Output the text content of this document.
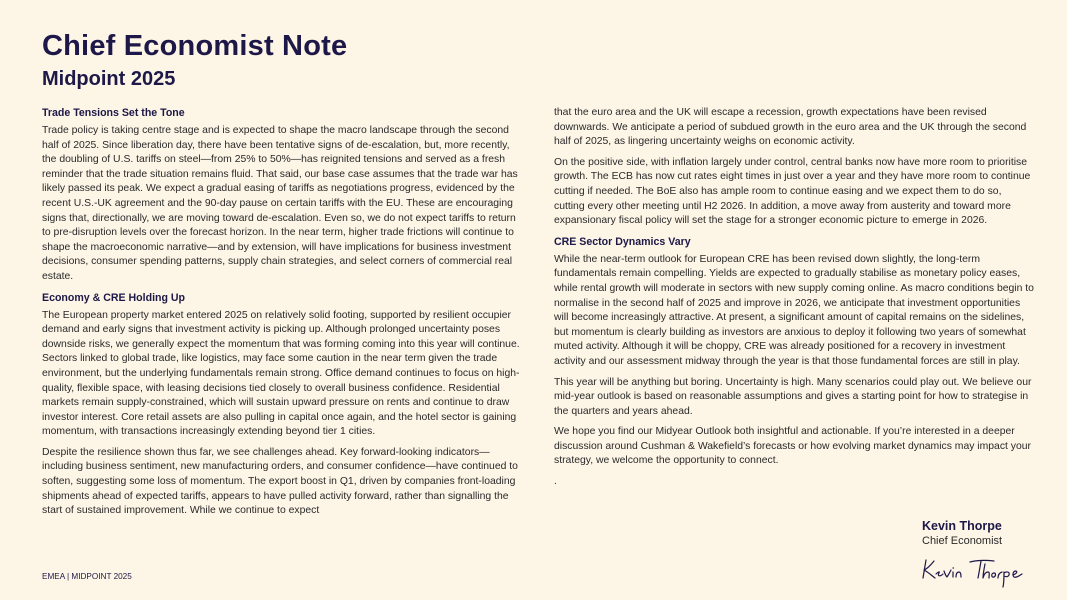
Chief Economist Note
Midpoint 2025
Trade Tensions Set the Tone

Trade policy is taking centre stage and is expected to shape the macro landscape through the second half of 2025. Since liberation day, there have been tentative signs of de-escalation, but, more recently, the doubling of U.S. tariffs on steel—from 25% to 50%—has reignited tensions and served as a fresh reminder that the trade situation remains fluid. That said, our base case assumes that the trade war has likely passed its peak. We expect a gradual easing of tariffs as negotiations progress, evidenced by the recent U.S.-UK agreement and the 90-day pause on certain tariffs with the EU. These are encouraging signs that, directionally, we are moving toward de-escalation. Even so, we do not expect tariffs to return to pre-disruption levels over the forecast horizon. In the near term, higher trade frictions will continue to shape the macroeconomic narrative—and by extension, will have implications for business investment decisions, consumer spending patterns, supply chain strategies, and select corners of commercial real estate.

Economy & CRE Holding Up

The European property market entered 2025 on relatively solid footing, supported by resilient occupier demand and early signs that investment activity is picking up. Although prolonged uncertainty poses downside risks, we generally expect the momentum that was forming coming into this year will continue. Sectors linked to global trade, like logistics, may face some caution in the near term given the trade environment, but the underlying fundamentals remain strong. Office demand continues to focus on high-quality, flexible space, with leasing decisions tied closely to overall business confidence. Residential markets remain supply-constrained, which will sustain upward pressure on rents and continue to draw investor interest. Core retail assets are also pulling in capital once again, and the hotel sector is gaining momentum, with transactions increasingly extending beyond tier 1 cities.

Despite the resilience shown thus far, we see challenges ahead. Key forward-looking indicators—including business sentiment, new manufacturing orders, and consumer confidence—have continued to soften, suggesting some loss of momentum. The export boost in Q1, driven by companies front-loading shipments ahead of expected tariffs, appears to have pulled activity forward, rather than signalling the start of sustained improvement. While we continue to expect

that the euro area and the UK will escape a recession, growth expectations have been revised downwards. We anticipate a period of subdued growth in the euro area and the UK through the second half of 2025, as lingering uncertainty weighs on economic activity.

On the positive side, with inflation largely under control, central banks now have more room to prioritise growth. The ECB has now cut rates eight times in just over a year and they have more room to continue cutting if needed. The BoE also has ample room to continue easing and we expect them to do so, cutting every other meeting until H2 2026. In addition, a move away from austerity and toward more expansionary fiscal policy will set the stage for a stronger economic picture to emerge in 2026.

CRE Sector Dynamics Vary

While the near-term outlook for European CRE has been revised down slightly, the long-term fundamentals remain compelling. Yields are expected to gradually stabilise as monetary policy eases, while rental growth will moderate in sectors with new supply coming online. As macro conditions begin to normalise in the second half of 2025 and improve in 2026, we anticipate that investment opportunities will become increasingly attractive. At present, a significant amount of capital remains on the sidelines, but momentum is clearly building as investors are anxious to deploy it following two years of somewhat muted activity. Although it will be choppy, CRE was already positioned for a recovery in investment activity and our assessment midway through the year is that those fundamental forces are still in play.

This year will be anything but boring. Uncertainty is high. Many scenarios could play out. We believe our mid-year outlook is based on reasonable assumptions and gives a starting point for how to strategise in the quarters and years ahead.

We hope you find our Midyear Outlook both insightful and actionable. If you’re interested in a deeper discussion around Cushman & Wakefield’s forecasts or how evolving market dynamics may impact your strategy, we welcome the opportunity to connect.

.

Kevin Thorpe
Chief Economist
EMEA | MIDPOINT 2025
